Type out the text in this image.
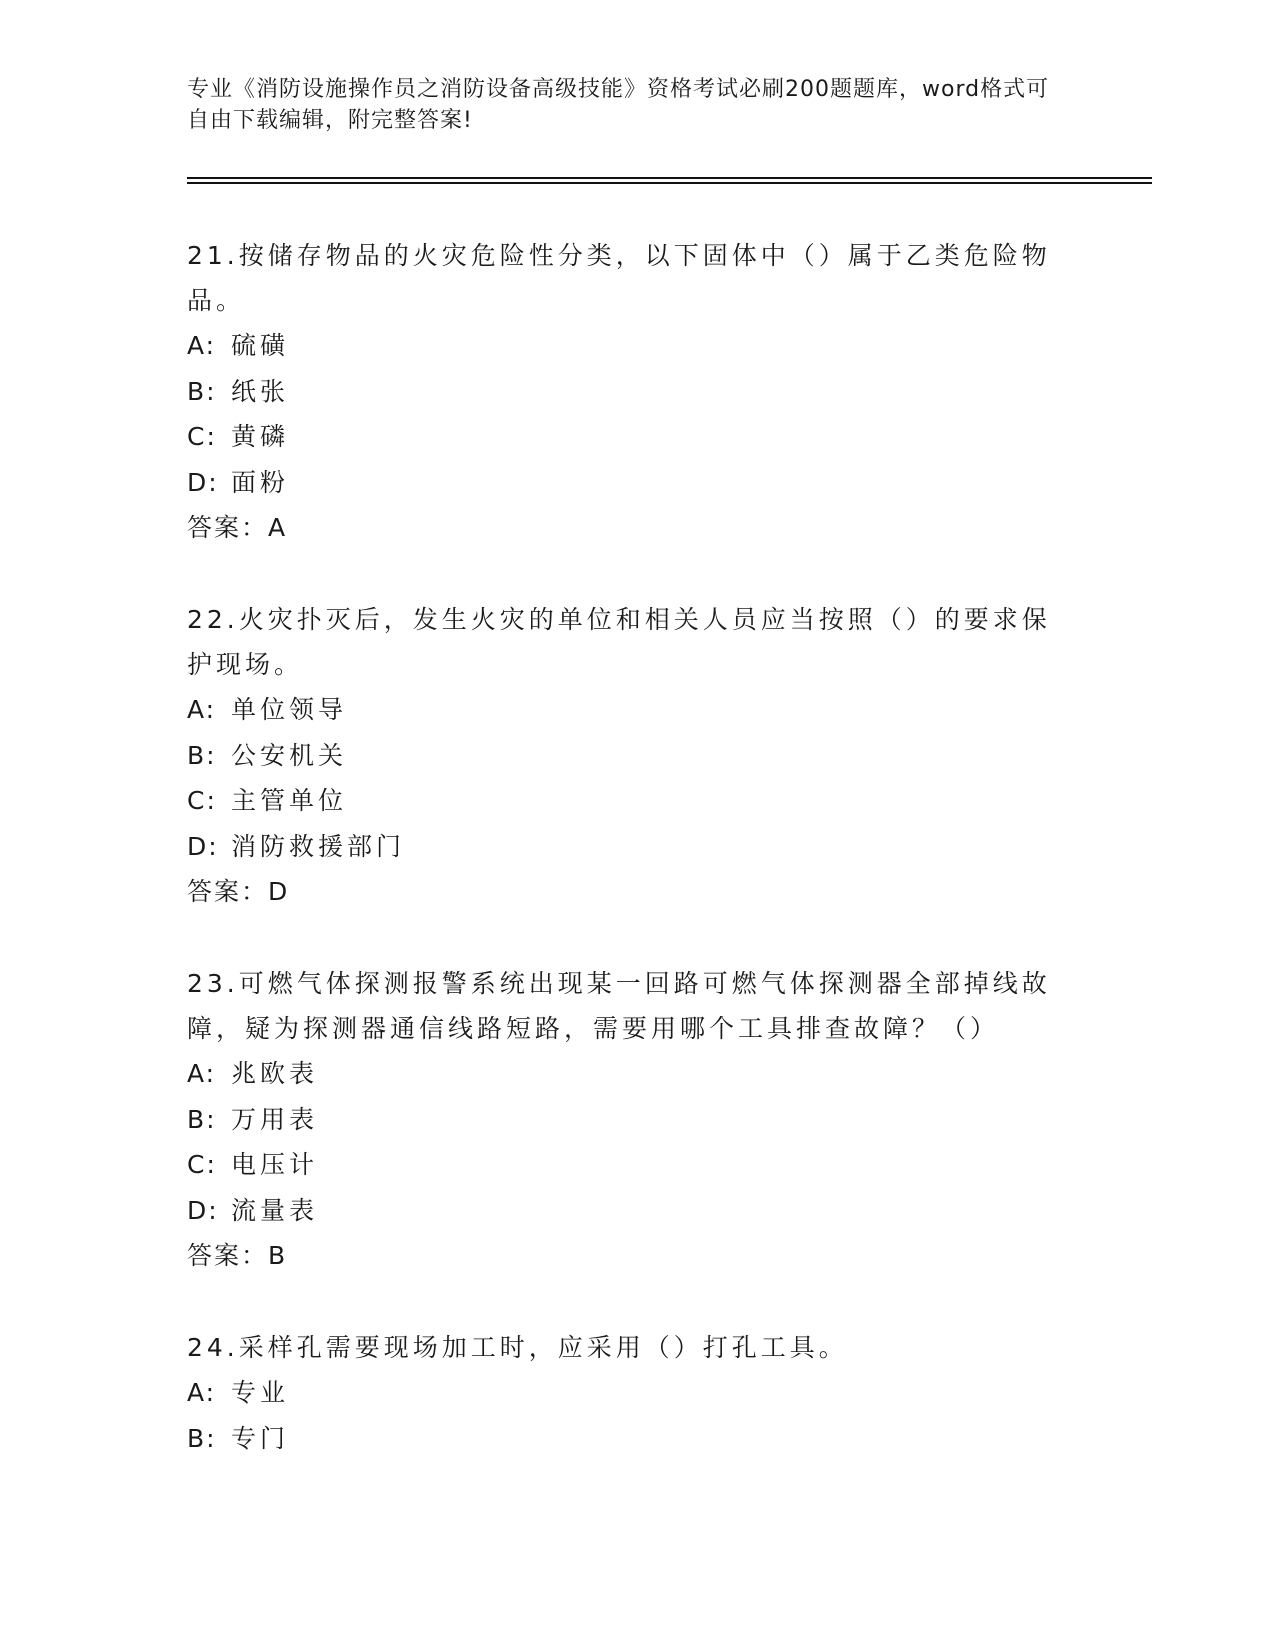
专业《消防设施操作员之消防设备高级技能》资格考试必刷200题题库，word格式可自由下载编辑，附完整答案!

21.按储存物品的火灾危险性分类，以下固体中（）属于乙类危险物品。

A: 硫磺

B: 纸张

C: 黄磷

D: 面粉

答案：A

22.火灾扑灭后，发生火灾的单位和相关人员应当按照（）的要求保护现场。

A: 单位领导

B: 公安机关

C: 主管单位

D: 消防救援部门

答案：D

23.可燃气体探测报警系统出现某一回路可燃气体探测器全部掉线故障，疑为探测器通信线路短路，需要用哪个工具排查故障？（）

A: 兆欧表

B: 万用表

C: 电压计

D: 流量表

答案：B

24.采样孔需要现场加工时，应采用（）打孔工具。

A: 专业

B: 专门
